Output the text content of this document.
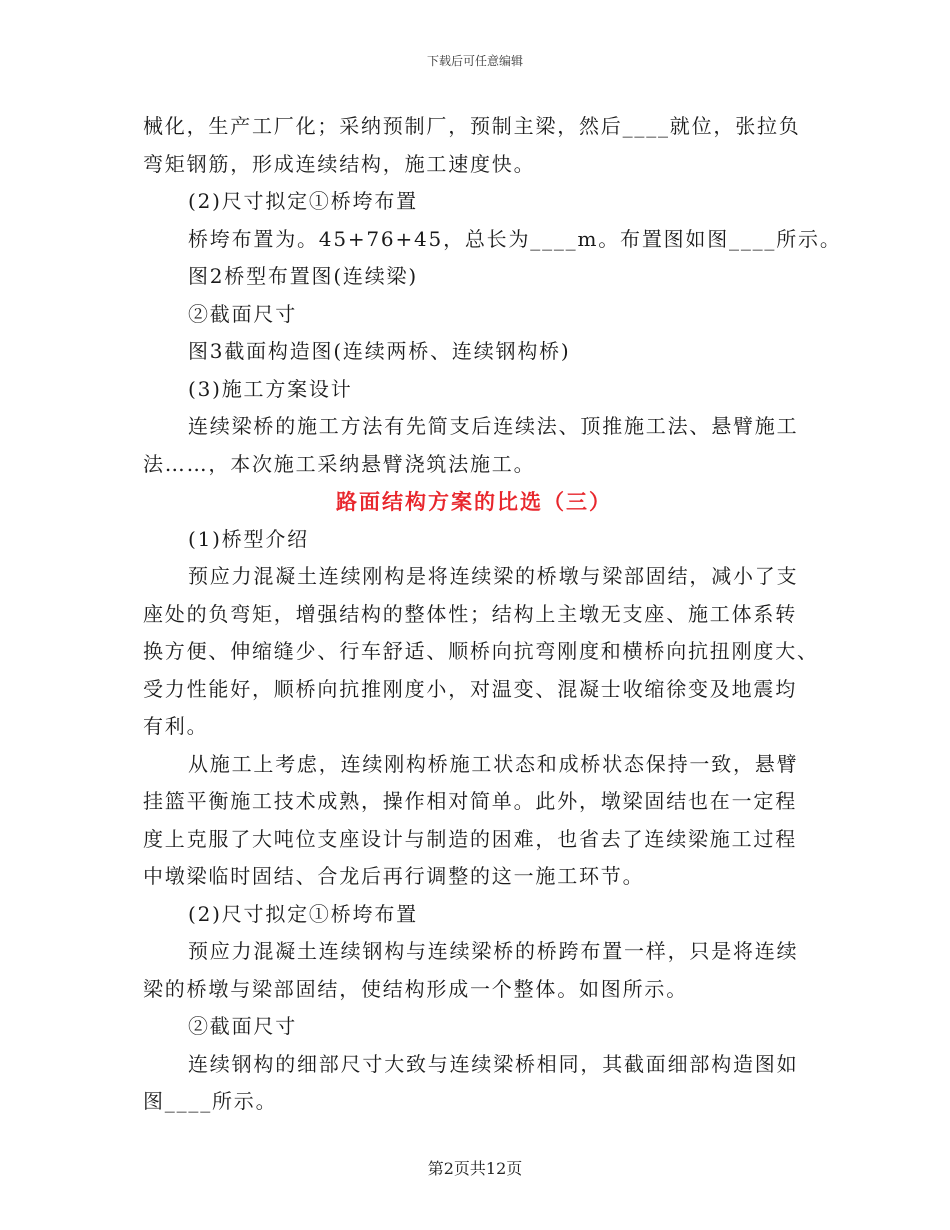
下载后可任意编辑
械化，生产工厂化；采纳预制厂，预制主梁，然后____就位，张拉负
弯矩钢筋，形成连续结构，施工速度快。
(2)尺寸拟定①桥垮布置
桥垮布置为。45+76+45，总长为____m。布置图如图____所示。
图2桥型布置图(连续梁)
②截面尺寸
图3截面构造图(连续两桥、连续钢构桥)
(3)施工方案设计
连续梁桥的施工方法有先简支后连续法、顶推施工法、悬臂施工
法……，本次施工采纳悬臂浇筑法施工。
路面结构方案的比选（三）
(1)桥型介绍
预应力混凝土连续刚构是将连续梁的桥墩与梁部固结，减小了支
座处的负弯矩，增强结构的整体性；结构上主墩无支座、施工体系转
换方便、伸缩缝少、行车舒适、顺桥向抗弯刚度和横桥向抗扭刚度大、
受力性能好，顺桥向抗推刚度小，对温变、混凝士收缩徐变及地震均
有利。
从施工上考虑，连续刚构桥施工状态和成桥状态保持一致，悬臂
挂篮平衡施工技术成熟，操作相对简单。此外，墩梁固结也在一定程
度上克服了大吨位支座设计与制造的困难，也省去了连续梁施工过程
中墩梁临时固结、合龙后再行调整的这一施工环节。
(2)尺寸拟定①桥垮布置
预应力混凝土连续钢构与连续梁桥的桥跨布置一样，只是将连续
梁的桥墩与梁部固结，使结构形成一个整体。如图所示。
②截面尺寸
连续钢构的细部尺寸大致与连续梁桥相同，其截面细部构造图如
图____所示。
第2页共12页
